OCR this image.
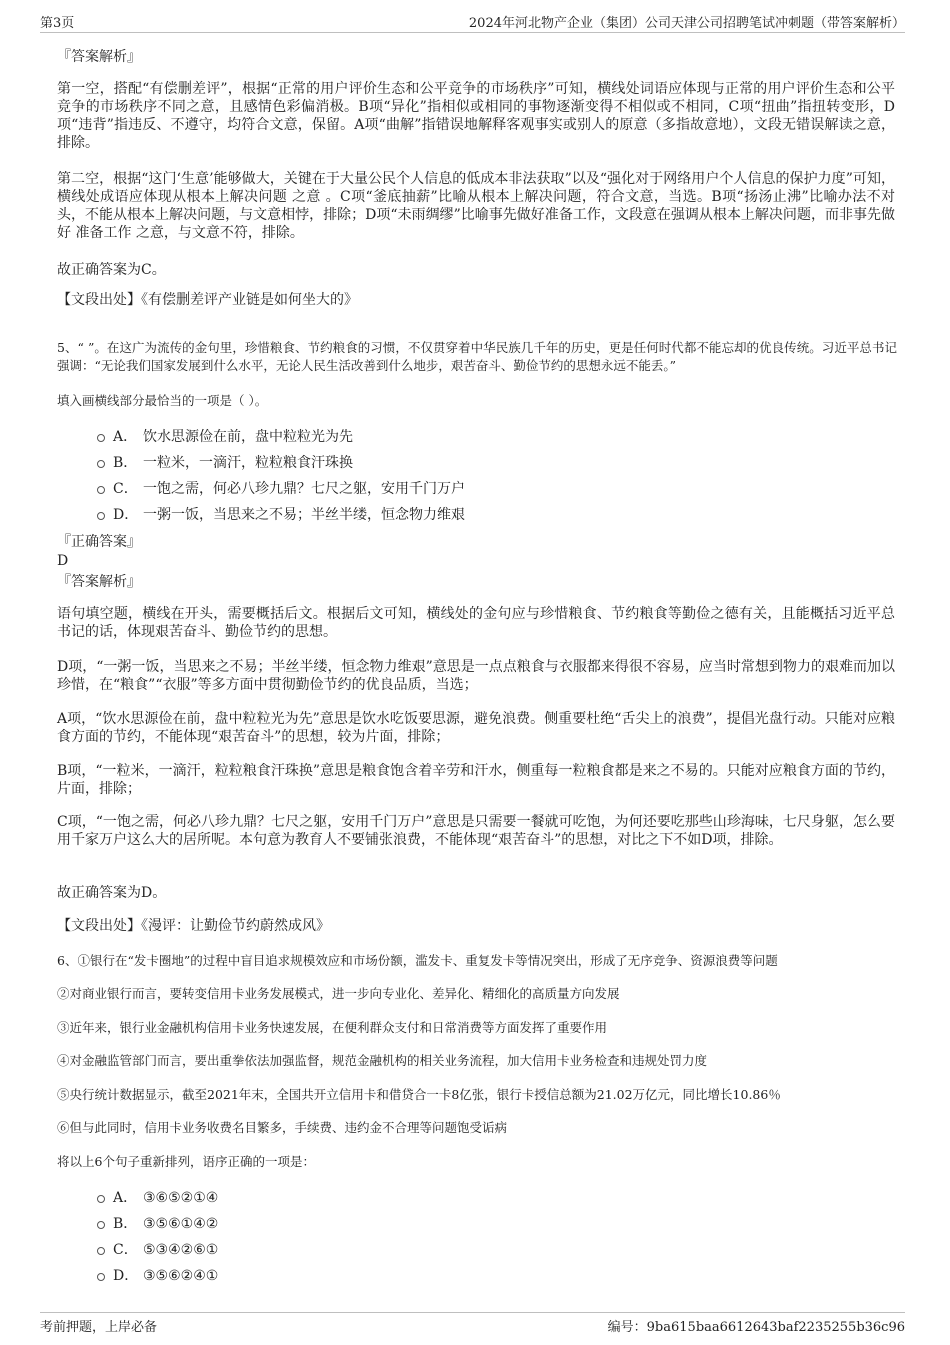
第3页	2024年河北物产企业（集团）公司天津公司招聘笔试冲刺题（带答案解析）
『答案解析』

第一空，搭配“有偿删差评”，根据“正常的用户评价生态和公平竞争的市场秩序”可知，横线处词语应体现与正常的用户评价生态和公平竞争的市场秩序不同之意，且感情色彩偏消极。B项“异化”指相似或相同的事物逐渐变得不相似或不相同，C项“扭曲”指扭转变形，D项“违背”指违反、不遵守，均符合文意，保留。A项“曲解”指错误地解释客观事实或别人的原意（多指故意地），文段无错误解读之意，排除。

第二空，根据“这门‘生意’能够做大，关键在于大量公民个人信息的低成本非法获取”以及“强化对于网络用户个人信息的保护力度”可知，横线处成语应体现从根本上解决问题 之意 。C项“釜底抽薪”比喻从根本上解决问题，符合文意，当选。B项“扬汤止沸”比喻办法不对头，不能从根本上解决问题，与文意相悖，排除；D项“未雨绸缪”比喻事先做好准备工作，文段意在强调从根本上解决问题，而非事先做好 准备工作 之意，与文意不符，排除。

故正确答案为C。
【文段出处】《有偿删差评产业链是如何坐大的》

5、“ ”。在这广为流传的金句里，珍惜粮食、节约粮食的习惯，不仅贯穿着中华民族几千年的历史，更是任何时代都不能忘却的优良传统。习近平总书记强调：“无论我们国家发展到什么水平，无论人民生活改善到什么地步，艰苦奋斗、勤俭节约的思想永远不能丢。”

填入画横线部分最恰当的一项是（ ）。
A． 饮水思源俭在前，盘中粒粒光为先
B． 一粒米，一滴汗，粒粒粮食汗珠换
C． 一饱之需，何必八珍九鼎？七尺之躯，安用千门万户
D． 一粥一饭，当思来之不易；半丝半缕，恒念物力维艰
『正确答案』
D
『答案解析』

语句填空题，横线在开头，需要概括后文。根据后文可知，横线处的金句应与珍惜粮食、节约粮食等勤俭之德有关，且能概括习近平总书记的话，体现艰苦奋斗、勤俭节约的思想。

D项，“一粥一饭，当思来之不易；半丝半缕，恒念物力维艰”意思是一点点粮食与衣服都来得很不容易，应当时常想到物力的艰难而加以珍惜，在“粮食”“衣服”等多方面中贯彻勤俭节约的优良品质，当选；

A项，“饮水思源俭在前，盘中粒粒光为先”意思是饮水吃饭要思源，避免浪费。侧重要杜绝“舌尖上的浪费”，提倡光盘行动。只能对应粮食方面的节约，不能体现“艰苦奋斗”的思想，较为片面，排除；

B项，“一粒米，一滴汗，粒粒粮食汗珠换”意思是粮食饱含着辛劳和汗水，侧重每一粒粮食都是来之不易的。只能对应粮食方面的节约，片面，排除；

C项，“一饱之需，何必八珍九鼎？七尺之躯，安用千门万户”意思是只需要一餐就可吃饱，为何还要吃那些山珍海味，七尺身躯，怎么要用千家万户这么大的居所呢。本句意为教育人不要铺张浪费，不能体现“艰苦奋斗”的思想，对比之下不如D项，排除。

故正确答案为D。
【文段出处】《漫评：让勤俭节约蔚然成风》
6、①银行在“发卡圈地”的过程中盲目追求规模效应和市场份额，滥发卡、重复发卡等情况突出，形成了无序竞争、资源浪费等问题
②对商业银行而言，要转变信用卡业务发展模式，进一步向专业化、差异化、精细化的高质量方向发展
③近年来，银行业金融机构信用卡业务快速发展，在便利群众支付和日常消费等方面发挥了重要作用
④对金融监管部门而言，要出重拳依法加强监督，规范金融机构的相关业务流程，加大信用卡业务检查和违规处罚力度
⑤央行统计数据显示，截至2021年末，全国共开立信用卡和借贷合一卡8亿张，银行卡授信总额为21.02万亿元，同比增长10.86％
⑥但与此同时，信用卡业务收费名目繁多，手续费、违约金不合理等问题饱受诟病
将以上6个句子重新排列，语序正确的一项是：
A． ③⑥⑤②①④
B． ③⑤⑥①④②
C． ⑤③④②⑥①
D． ③⑤⑥②④①
考前押题，上岸必备	编号：9ba615baa6612643baf2235255b36c96
